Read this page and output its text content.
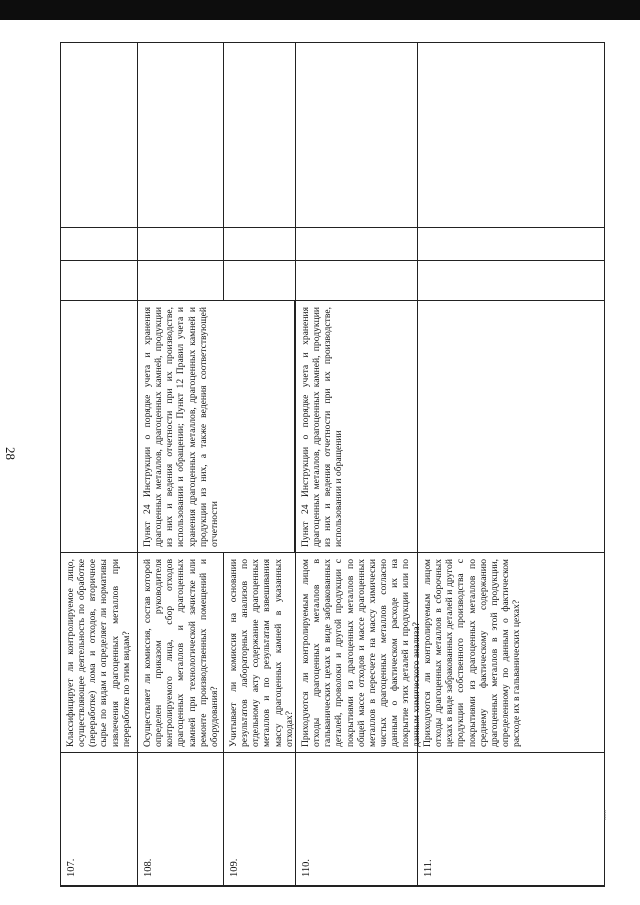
28
107.
Классифицирует ли контролируемое лицо, осуществляющее деятельность по обработке (переработке) лома и отходов, вторичное сырье по видам и определяет ли нормативы извлечения драгоценных металлов при переработке по этим видам?
108.
Осуществляет ли комиссия, состав которой определен приказом руководителя контролируемого лица, сбор отходов драгоценных металлов и драгоценных камней при технологической зачистке или ремонте производственных помещений и оборудования?
109.
Учитывает ли комиссия на основании результатов лабораторных анализов по отдельному акту содержание драгоценных металлов и по результатам взвешивания массу драгоценных камней в указанных отходах?
Пункт 24 Инструкции о порядке учета и хранения драгоценных металлов, драгоценных камней, продукции из них и ведения отчетности при их производстве, использовании и обращении; Пункт 12 Правил учета и хранения драгоценных металлов, драгоценных камней и продукции из них, а также ведения соответствующей отчетности
110.
Приходуются ли контролируемым лицом отходы драгоценных металлов в гальванических цехах в виде забракованных деталей, проволоки и другой продукции с покрытиями из драгоценных металлов по общей массе отходов и массе драгоценных металлов в пересчете на массу химически чистых драгоценных металлов согласно данным о фактическом расходе их на покрытие этих деталей и продукции или по данным химического анализа?
Пункт 24 Инструкции о порядке учета и хранения драгоценных металлов, драгоценных камней, продукции из них и ведения отчетности при их производстве, использовании и обращении
111.
Приходуются ли контролируемым лицом отходы драгоценных металлов в сборочных цехах в виде забракованных деталей и другой продукции собственного производства с покрытиями из драгоценных металлов по среднему фактическому содержанию драгоценных металлов в этой продукции, определенному по данным о фактическом расходе их в гальванических цехах?
⸽
